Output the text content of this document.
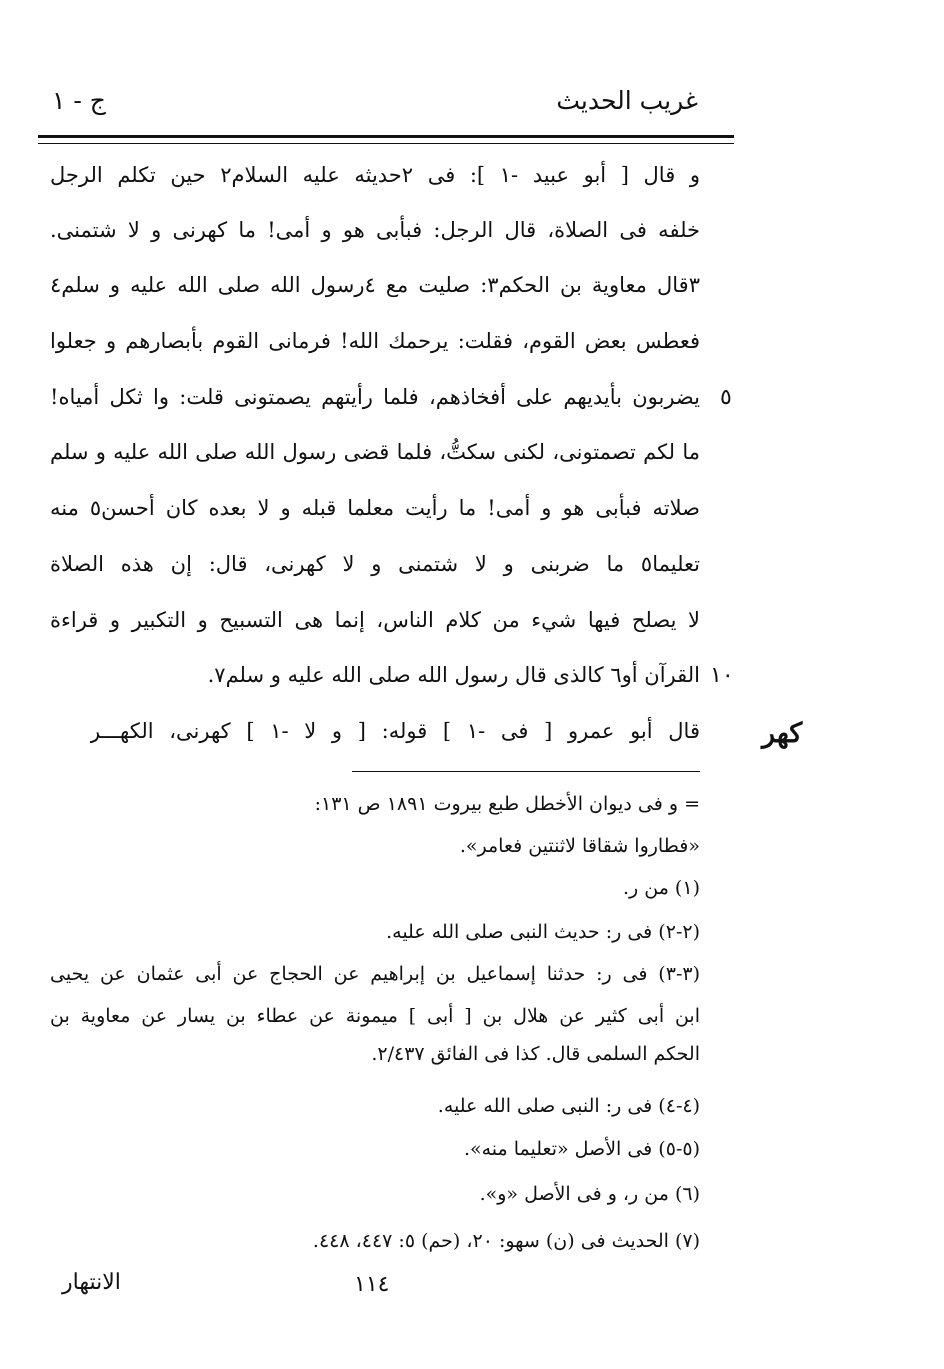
غريب الحديث
ج - ١
و قال [ أبو عبيد -١ ]: فى ٢حديثه عليه السلام٢ حين تكلم الرجل
خلفه فى الصلاة، قال الرجل: فبأبى هو و أمى! ما كهرنى و لا شتمنى.
٣قال معاوية بن الحكم٣: صليت مع ٤رسول الله صلى الله عليه و سلم٤
فعطس بعض القوم، فقلت: يرحمك الله! فرمانى القوم بأبصارهم و جعلوا
يضربون بأيديهم على أفخاذهم، فلما رأيتهم يصمتونى قلت: وا ثكل أمياه!
ما لكم تصمتونى، لكنى سكتُّ، فلما قضى رسول الله صلى الله عليه و سلم
صلاته فبأبى هو و أمى! ما رأيت معلما قبله و لا بعده كان أحسن٥ منه
تعليما٥ ما ضربنى و لا شتمنى و لا كهرنى، قال: إن هذه الصلاة
لا يصلح فيها شيء من كلام الناس، إنما هى التسبيح و التكبير و قراءة
القرآن أو٦ كالذى قال رسول الله صلى الله عليه و سلم٧.
قال أبو عمرو [ فى -١ ] قوله: [ و لا -١ ] كهرنى، الكهـــر
٥
١٠
كهر
= و فى ديوان الأخطل طبع بيروت ١٨٩١ ص ١٣١:
«فطاروا شقاقا لاثنتين فعامر».
(١) من ر.
(٢-٢) فى ر: حديث النبى صلى الله عليه.
(٣-٣) فى ر: حدثنا إسماعيل بن إبراهيم عن الحجاج عن أبى عثمان عن يحيى
ابن أبى كثير عن هلال بن [ أبى ] ميمونة عن عطاء بن يسار عن معاوية بن
الحكم السلمى قال. كذا فى الفائق ٢/٤٣٧.
(٤-٤) فى ر: النبى صلى الله عليه.
(٥-٥) فى الأصل «تعليما منه».
(٦) من ر، و فى الأصل «و».
(٧) الحديث فى (ن) سهو: ٢٠، (حم) ٥: ٤٤٧، ٤٤٨.
١١٤
الانتهار
